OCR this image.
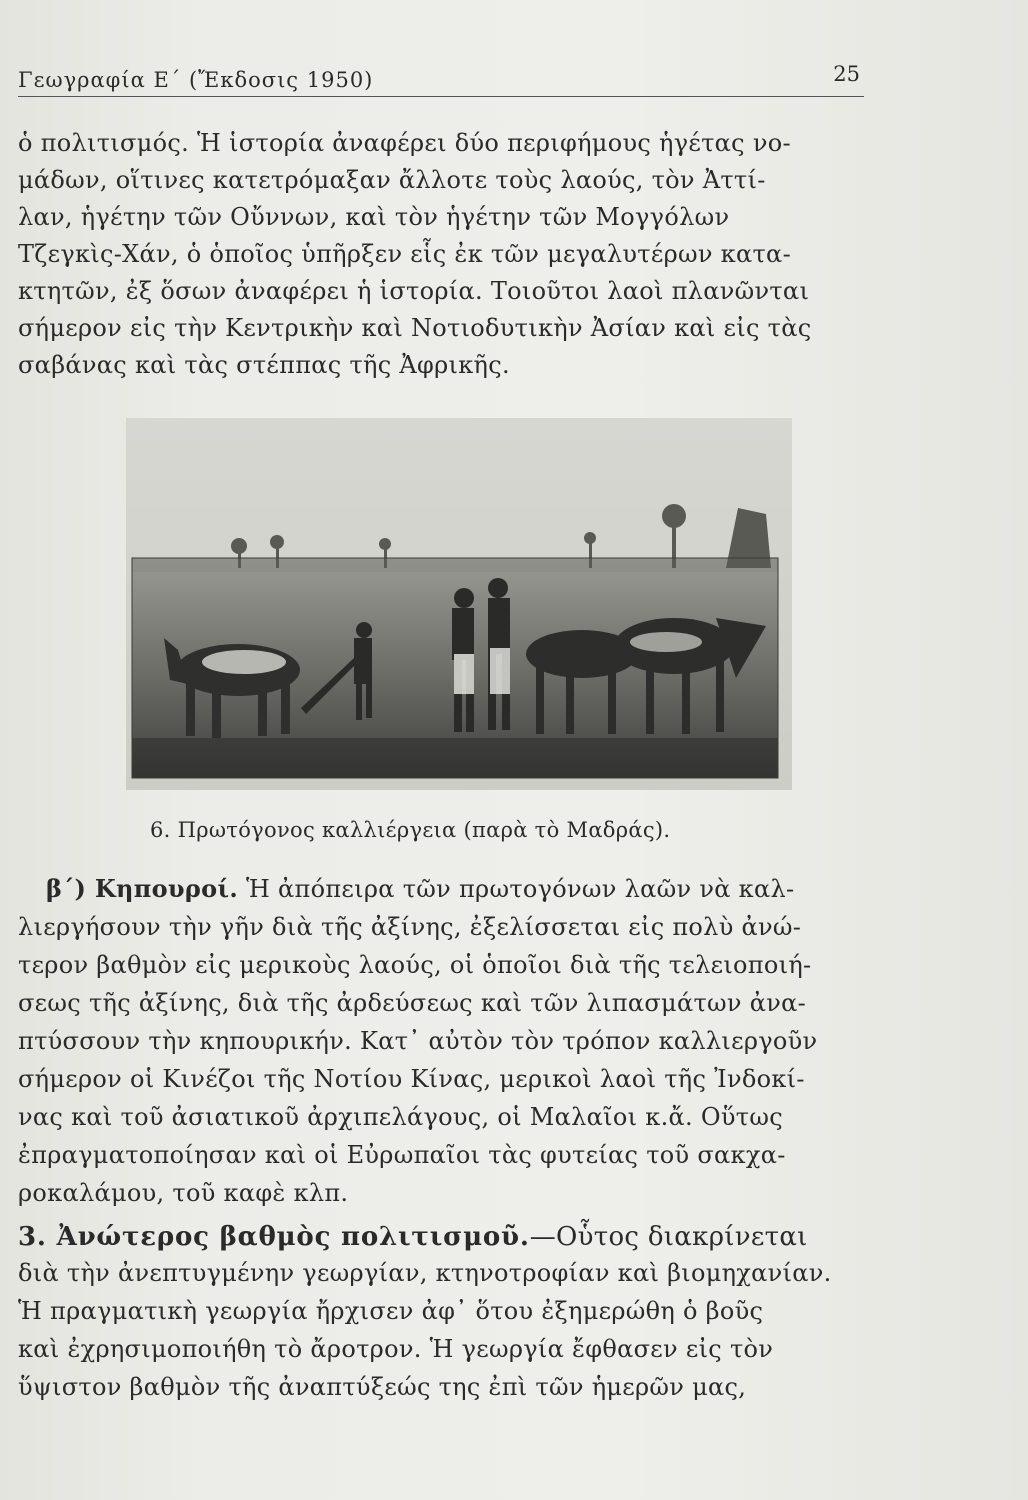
Γεωγραφία Ε΄ (Ἔκδοσις 1950)	25
ὁ πολιτισμός. Ἡ ἱστορία ἀναφέρει δύο περιφήμους ἡγέτας νο-
μάδων, οἵτινες κατετρόμαξαν ἄλλοτε τοὺς λαούς, τὸν Ἀττί-
λαν, ἡγέτην τῶν Οὔννων, καὶ τὸν ἡγέτην τῶν Μογγόλων
Τζεγκὶς-Χάν, ὁ ὁποῖος ὑπῆρξεν εἷς ἐκ τῶν μεγαλυτέρων κατα-
κτητῶν, ἐξ ὅσων ἀναφέρει ἡ ἱστορία. Τοιοῦτοι λαοὶ πλανῶνται
σήμερον εἰς τὴν Κεντρικὴν καὶ Νοτιοδυτικὴν Ἀσίαν καὶ εἰς τὰς
σαβάνας καὶ τὰς στέππας τῆς Ἀφρικῆς.
6. Πρωτόγονος καλλιέργεια (παρὰ τὸ Μαδράς).
β΄) Κηπουροί. Ἡ ἀπόπειρα τῶν πρωτογόνων λαῶν νὰ καλ-
λιεργήσουν τὴν γῆν διὰ τῆς ἀξίνης, ἐξελίσσεται εἰς πολὺ ἀνώ-
τερον βαθμὸν εἰς μερικοὺς λαούς, οἱ ὁποῖοι διὰ τῆς τελειοποιή-
σεως τῆς ἀξίνης, διὰ τῆς ἀρδεύσεως καὶ τῶν λιπασμάτων ἀνα-
πτύσσουν τὴν κηπουρικήν. Κατ᾽ αὐτὸν τὸν τρόπον καλλιεργοῦν
σήμερον οἱ Κινέζοι τῆς Νοτίου Κίνας, μερικοὶ λαοὶ τῆς Ἰνδοκί-
νας καὶ τοῦ ἀσιατικοῦ ἀρχιπελάγους, οἱ Μαλαῖοι κ.ἄ. Οὕτως
ἐπραγματοποίησαν καὶ οἱ Εὐρωπαῖοι τὰς φυτείας τοῦ σακχα-
ροκαλάμου, τοῦ καφὲ κλπ.
3. Ἀνώτερος βαθμὸς πολιτισμοῦ.—Οὗτος διακρίνεται
διὰ τὴν ἀνεπτυγμένην γεωργίαν, κτηνοτροφίαν καὶ βιομηχανίαν.
Ἡ πραγματικὴ γεωργία ἤρχισεν ἀφ᾽ ὅτου ἐξημερώθη ὁ βοῦς
καὶ ἐχρησιμοποιήθη τὸ ἄροτρον. Ἡ γεωργία ἔφθασεν εἰς τὸν
ὕψιστον βαθμὸν τῆς ἀναπτύξεώς της ἐπὶ τῶν ἡμερῶν μας,
